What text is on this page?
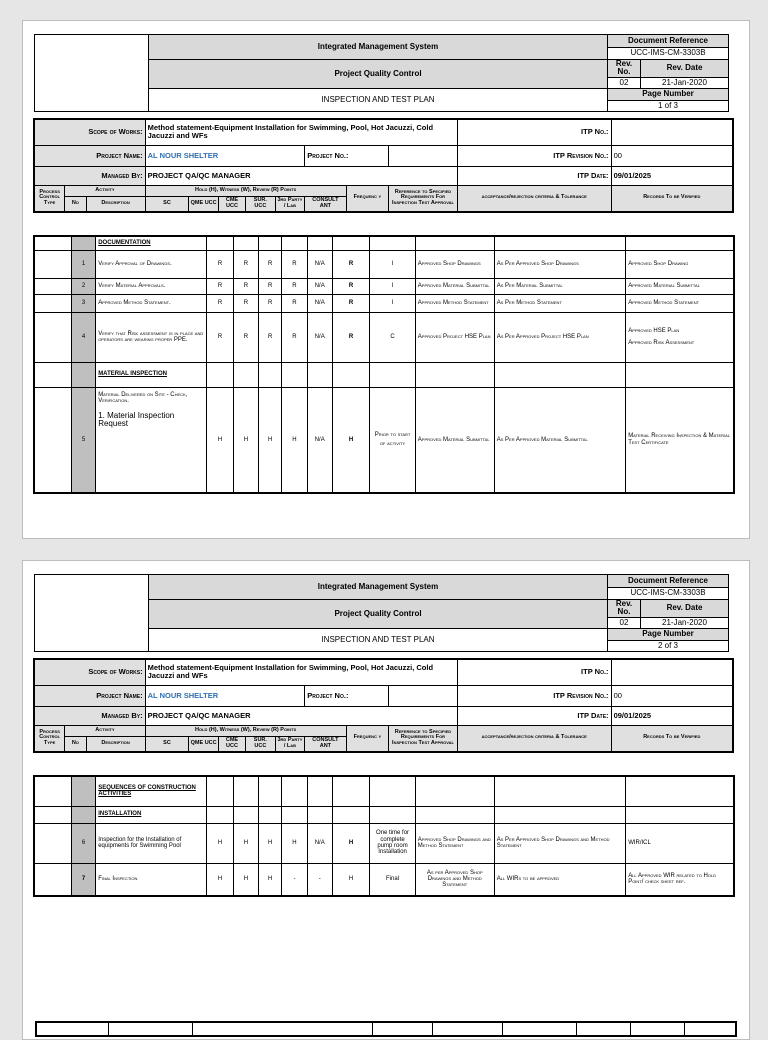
	Integrated Management System	Document Reference	
		UCC-IMS-CM-3303B	
	Project Quality Control	Rev. No.	Rev. Date
		02	21-Jan-2020
	INSPECTION AND TEST PLAN	Page Number	
		1 of 3	
Scope of Works:			Method statement-Equipment Installation for Swimming, Pool, Hot Jacuzzi, Cold Jacuzzi and WFs								ITP No.:	
Project Name:			AL NOUR SHELTER					Project No.:			ITP Revision No.:	00
Managed By:			PROJECT QA/QC MANAGER								ITP Date:	09/01/2025
Process Control Type	Activity		Hold (H), Witness (W), Review (R) Points						Frequenc y	Reference to Specified Requirements For Inspection Test Approval	acceptance/rejection criteria & Tolerance	Records To be Verified
	No	Description	SC	QME UCC	CME UCC	SUR. UCC	3rd Party / Lab	CONSULT ANT				
		DOCUMENTATION										
	1	Verify Approval of Drawings.	R	R	R	R	N/A	R	I	Approved Shop Drawings	As Per Approved Shop Drawings	Approved Shop Drawing
	2	Verify Material Approvals.	R	R	R	R	N/A	R	I	Approved Material Submittal	As Per Material Submittal	Approved Material Submittal
	3	Approved Method Statement.	R	R	R	R	N/A	R	I	Approved Method Statement	As Per Method Statement	Approved Method Statement
	4	Verify that Risk assessment is in place and operators are wearing proper PPE.	R	R	R	R	N/A	R	C	Approved Project HSE Plan	As Per Approved Project HSE Plan	Approved HSE Plan
Approved Risk Assessment

		MATERIAL INSPECTION										
	5	Material Delivered on Site - Check, Verification.
1. Material Inspection Request	H	H	H	H	N/A	H	Prior to start of activity	Approved Material Submittal	As Per Approved Material Submittal	Material Receiving Inspection & Material Test Certificate
	Integrated Management System	Document Reference	
		UCC-IMS-CM-3303B	
	Project Quality Control	Rev. No.	Rev. Date
		02	21-Jan-2020
	INSPECTION AND TEST PLAN	Page Number	
		2 of 3	
Scope of Works:			Method statement-Equipment Installation for Swimming, Pool, Hot Jacuzzi, Cold Jacuzzi and WFs								ITP No.:	
Project Name:			AL NOUR SHELTER					Project No.:			ITP Revision No.:	00
Managed By:			PROJECT QA/QC MANAGER								ITP Date:	09/01/2025
Process Control Type	Activity		Hold (H), Witness (W), Review (R) Points						Frequenc y	Reference to Specified Requirements For Inspection Test Approval	acceptance/rejection criteria & Tolerance	Records To be Verified
	No	Description	SC	QME UCC	CME UCC	SUR. UCC	3rd Party / Lab	CONSULT ANT				
		SEQUENCES OF CONSTRUCTION ACTIVITIES										
		INSTALLATION										
	6	Inspection for the Installation of equipments for Swimming Pool	H	H	H	H	N/A	H	One time for complete pump room Installation	Approved Shop Drawings and Method Statement	As Per Approved Shop Drawings and Method Statement	WIR/ICL
	7	Final Inspection	H	H	H	-	-	H	Final	As per Approved Shop Drawings and Method Statement	All WIRs to be approved	All Approved WIR related to Hold Point/ check sheet ref.
